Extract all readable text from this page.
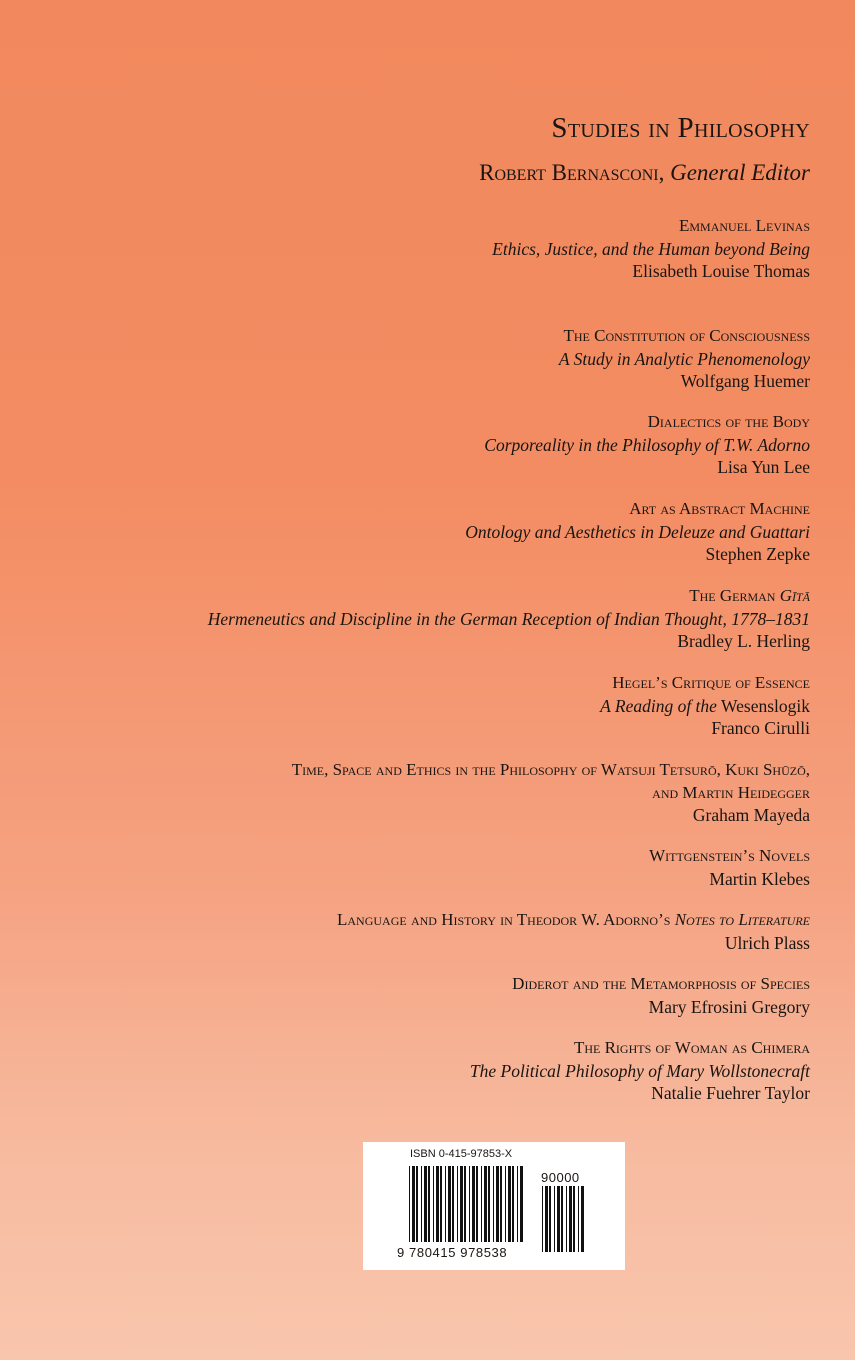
Studies in Philosophy
Robert Bernasconi, General Editor
Emmanuel Levinas
Ethics, Justice, and the Human beyond Being
Elisabeth Louise Thomas
The Constitution of Consciousness
A Study in Analytic Phenomenology
Wolfgang Huemer
Dialectics of the Body
Corporeality in the Philosophy of T.W. Adorno
Lisa Yun Lee
Art as Abstract Machine
Ontology and Aesthetics in Deleuze and Guattari
Stephen Zepke
The German Gītā
Hermeneutics and Discipline in the German Reception of Indian Thought, 1778–1831
Bradley L. Herling
Hegel’s Critique of Essence
A Reading of the Wesenslogik
Franco Cirulli
Time, Space and Ethics in the Philosophy of Watsuji Tetsurō, Kuki Shūzō,
and Martin Heidegger
Graham Mayeda
Wittgenstein’s Novels
Martin Klebes
Language and History in Theodor W. Adorno’s Notes to Literature
Ulrich Plass
Diderot and the Metamorphosis of Species
Mary Efrosini Gregory
The Rights of Woman as Chimera
The Political Philosophy of Mary Wollstonecraft
Natalie Fuehrer Taylor
ISBN 0-415-97853-X
90000
9 780415 978538
